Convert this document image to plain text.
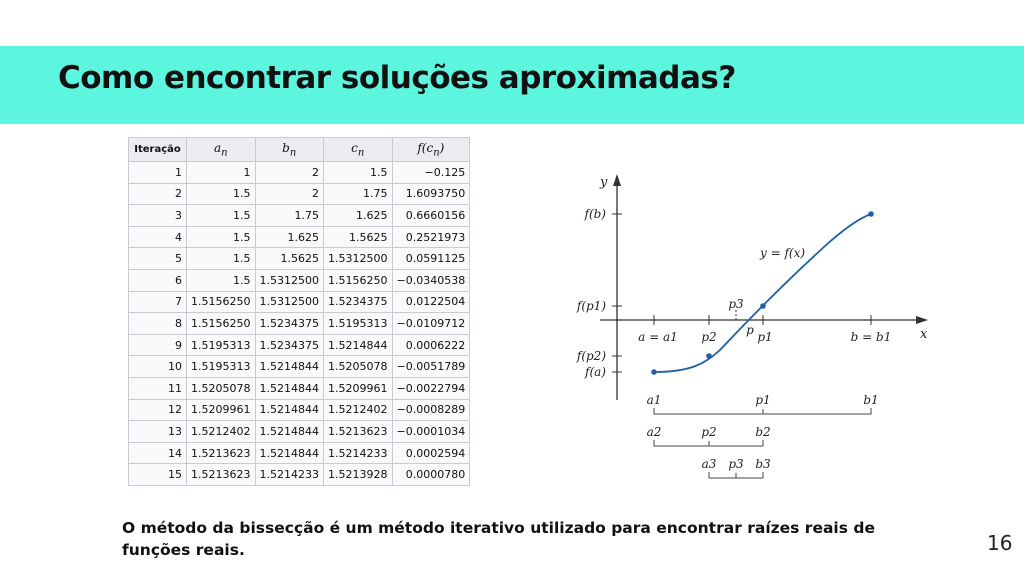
Como encontrar soluções aproximadas?
Iteração	$a_n$	$b_n$	$c_n$	$f(c_n)$
1	1	2	1.5	−0.125
2	1.5	2	1.75	1.6093750
3	1.5	1.75	1.625	0.6660156
4	1.5	1.625	1.5625	0.2521973
5	1.5	1.5625	1.5312500	0.0591125
6	1.5	1.5312500	1.5156250	−0.0340538
7	1.5156250	1.5312500	1.5234375	0.0122504
8	1.5156250	1.5234375	1.5195313	−0.0109712
9	1.5195313	1.5234375	1.5214844	0.0006222
10	1.5195313	1.5214844	1.5205078	−0.0051789
11	1.5205078	1.5214844	1.5209961	−0.0022794
12	1.5209961	1.5214844	1.5212402	−0.0008289
13	1.5212402	1.5214844	1.5213623	−0.0001034
14	1.5213623	1.5214844	1.5214233	0.0002594
15	1.5213623	1.5214233	1.5213928	0.0000780
y
x
f(b)
f(p1)
f(p2)
f(a)
a = a1 p2 p p1	b = b1
p3
y = f(x)
a1	p1	b1
a2	p2	b2
a3 p3 b3

O método da bissecção é um método iterativo utilizado para encontrar raízes reais de funções reais.	16
